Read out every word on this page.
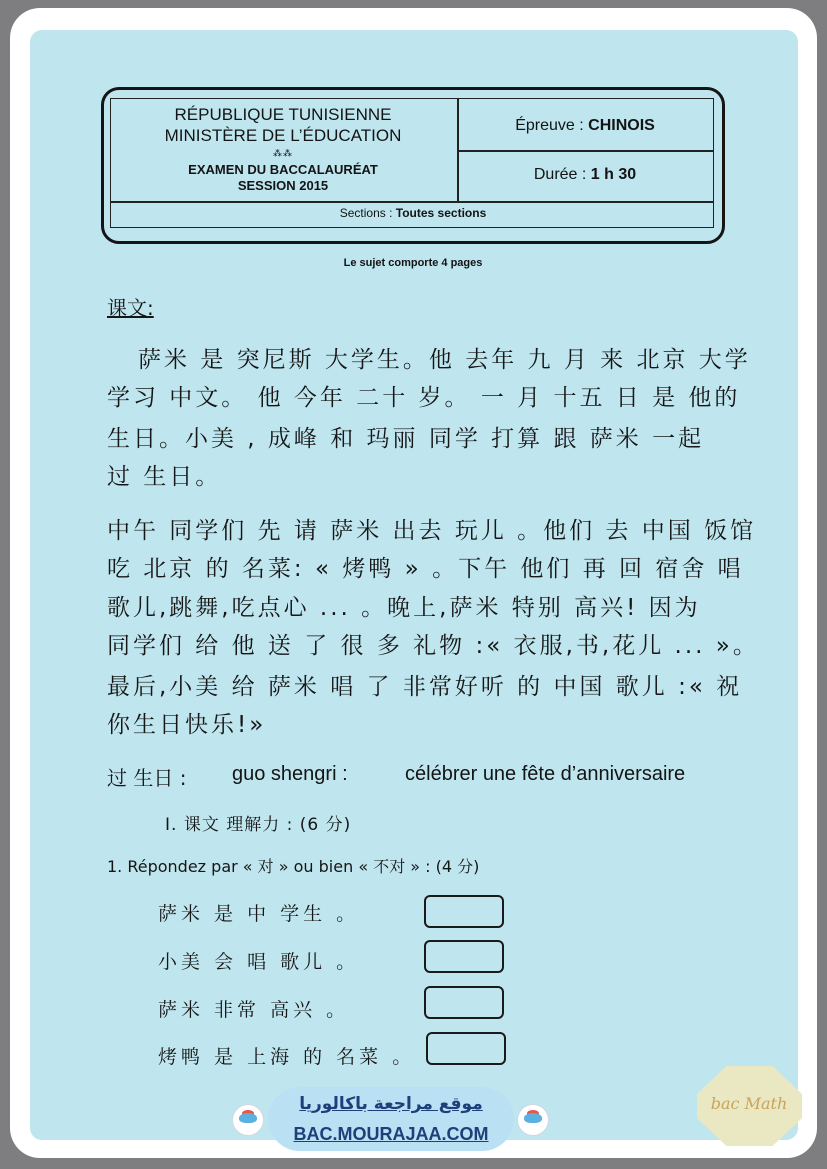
RÉPUBLIQUE TUNISIENNE
MINISTÈRE DE L’ÉDUCATION
⁂⁂
EXAMEN DU BACCALAURÉAT
SESSION 2015
Épreuve : CHINOIS
Durée : 1 h 30
Sections : Toutes sections
Le sujet comporte 4 pages
课文:
萨米 是 突尼斯 大学生。他 去年 九 月 来 北京 大学
学习 中文。 他 今年 二十 岁。 一 月 十五 日 是 他的
生日。小美 , 成峰 和 玛丽 同学 打算 跟 萨米 一起
过 生日。
中午 同学们 先 请 萨米 出去 玩儿 。他们 去 中国 饭馆
吃 北京 的 名菜: « 烤鸭 » 。下午 他们 再 回 宿舍 唱
歌儿,跳舞,吃点心 ... 。晚上,萨米 特别 高兴! 因为
同学们 给 他 送 了 很 多 礼物 :« 衣服,书,花儿 ... »。
最后,小美 给 萨米 唱 了 非常好听 的 中国 歌儿 :« 祝
你生日快乐!»
过 生日 : guo shengri :	célébrer une fête d’anniversaire
Ⅰ. 课文 理解力 : (6 分)
1. Répondez par « 对 » ou bien « 不对 » : (4 分)
萨米 是 中 学生 。
小美 会 唱 歌儿 。
萨米 非常 高兴 。
烤鸭 是 上海 的 名菜 。
موقع مراجعة باكالوريا
BAC.MOURAJAA.COM
bac Math
